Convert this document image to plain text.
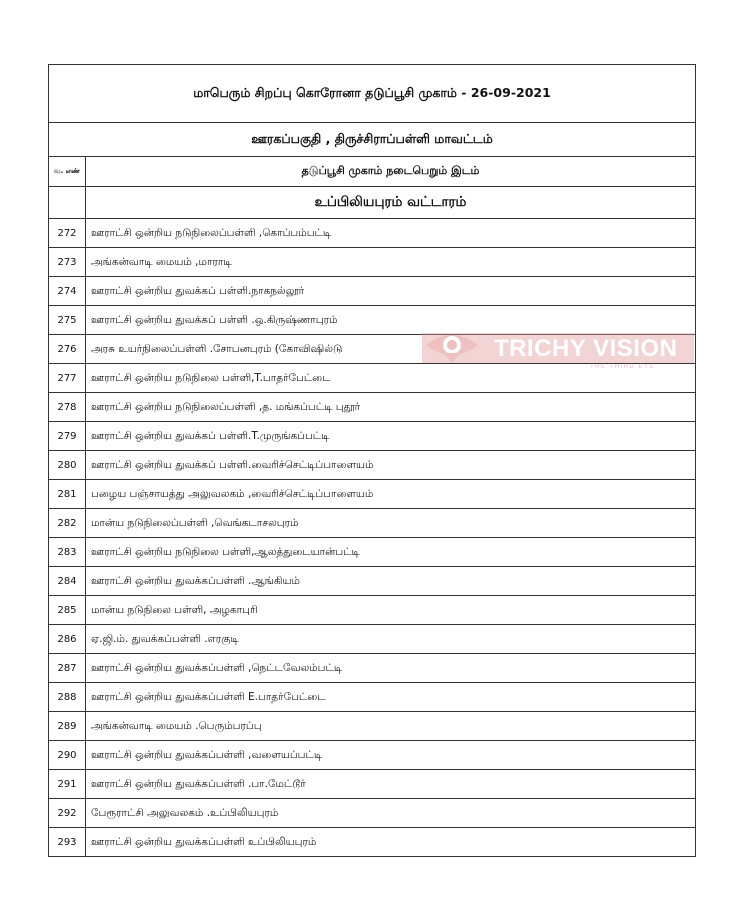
மாபெரும் சிறப்பு கொரோனா தடுப்பூசி முகாம் - 26-09-2021	
ஊரகப்பகுதி , திருச்சிராப்பள்ளி மாவட்டம்	
வ. எண்	தடுப்பூசி முகாம் நடைபெறும் இடம்
	உப்பிலியபுரம் வட்டாரம்
272	ஊராட்சி ஒன்றிய நடுநிலைப்பள்ளி ,கொப்பம்பட்டி
273	அங்கன்வாடி மையம் ,மாராடி
274	ஊராட்சி ஒன்றிய துவக்கப் பள்ளி.நாகநல்லூர்
275	ஊராட்சி ஒன்றிய துவக்கப் பள்ளி .ஒ.கிருஷ்ணாபுரம்
276	அரசு உயர்நிலைப்பள்ளி .சோபனபுரம் (கோவிஷில்டு
277	ஊராட்சி ஒன்றிய நடுநிலை பள்ளி,T.பாதர்பேட்டை
278	ஊராட்சி ஒன்றிய நடுநிலைப்பள்ளி ,த. மங்கப்பட்டி புதூர்
279	ஊராட்சி ஒன்றிய துவக்கப் பள்ளி.T.முருங்கப்பட்டி
280	ஊராட்சி ஒன்றிய துவக்கப் பள்ளி.வைரிச்செட்டிப்பாளையம்
281	பழைய பஞ்சாயத்து அலுவலகம் ,வைரிச்செட்டிப்பாளையம்
282	மான்ய நடுநிலைப்பள்ளி ,வெங்கடாசலபுரம்
283	ஊராட்சி ஒன்றிய நடுநிலை பள்ளி,ஆலத்துடையான்பட்டி
284	ஊராட்சி ஒன்றிய துவக்கப்பள்ளி .ஆங்கியம்
285	மான்ய நடுநிலை பள்ளி, அழகாபுரி
286	ஏ.ஜி.ம். துவக்கப்பள்ளி .எரகுடி
287	ஊராட்சி ஒன்றிய துவக்கப்பள்ளி ,நெட்டவேலம்பட்டி
288	ஊராட்சி ஒன்றிய துவக்கப்பள்ளி E.பாதர்பேட்டை
289	அங்கன்வாடி மையம் .பெரும்பரப்பு
290	ஊராட்சி ஒன்றிய துவக்கப்பள்ளி ,வளையப்பட்டி
291	ஊராட்சி ஒன்றிய துவக்கப்பள்ளி .பா.மேட்டூர்
292	பேரூராட்சி அலுவலகம் .உப்பிலியபுரம்
293	ஊராட்சி ஒன்றிய துவக்கப்பள்ளி உப்பிலியபுரம்
TRICHY VISION
THE THIRD EYE
